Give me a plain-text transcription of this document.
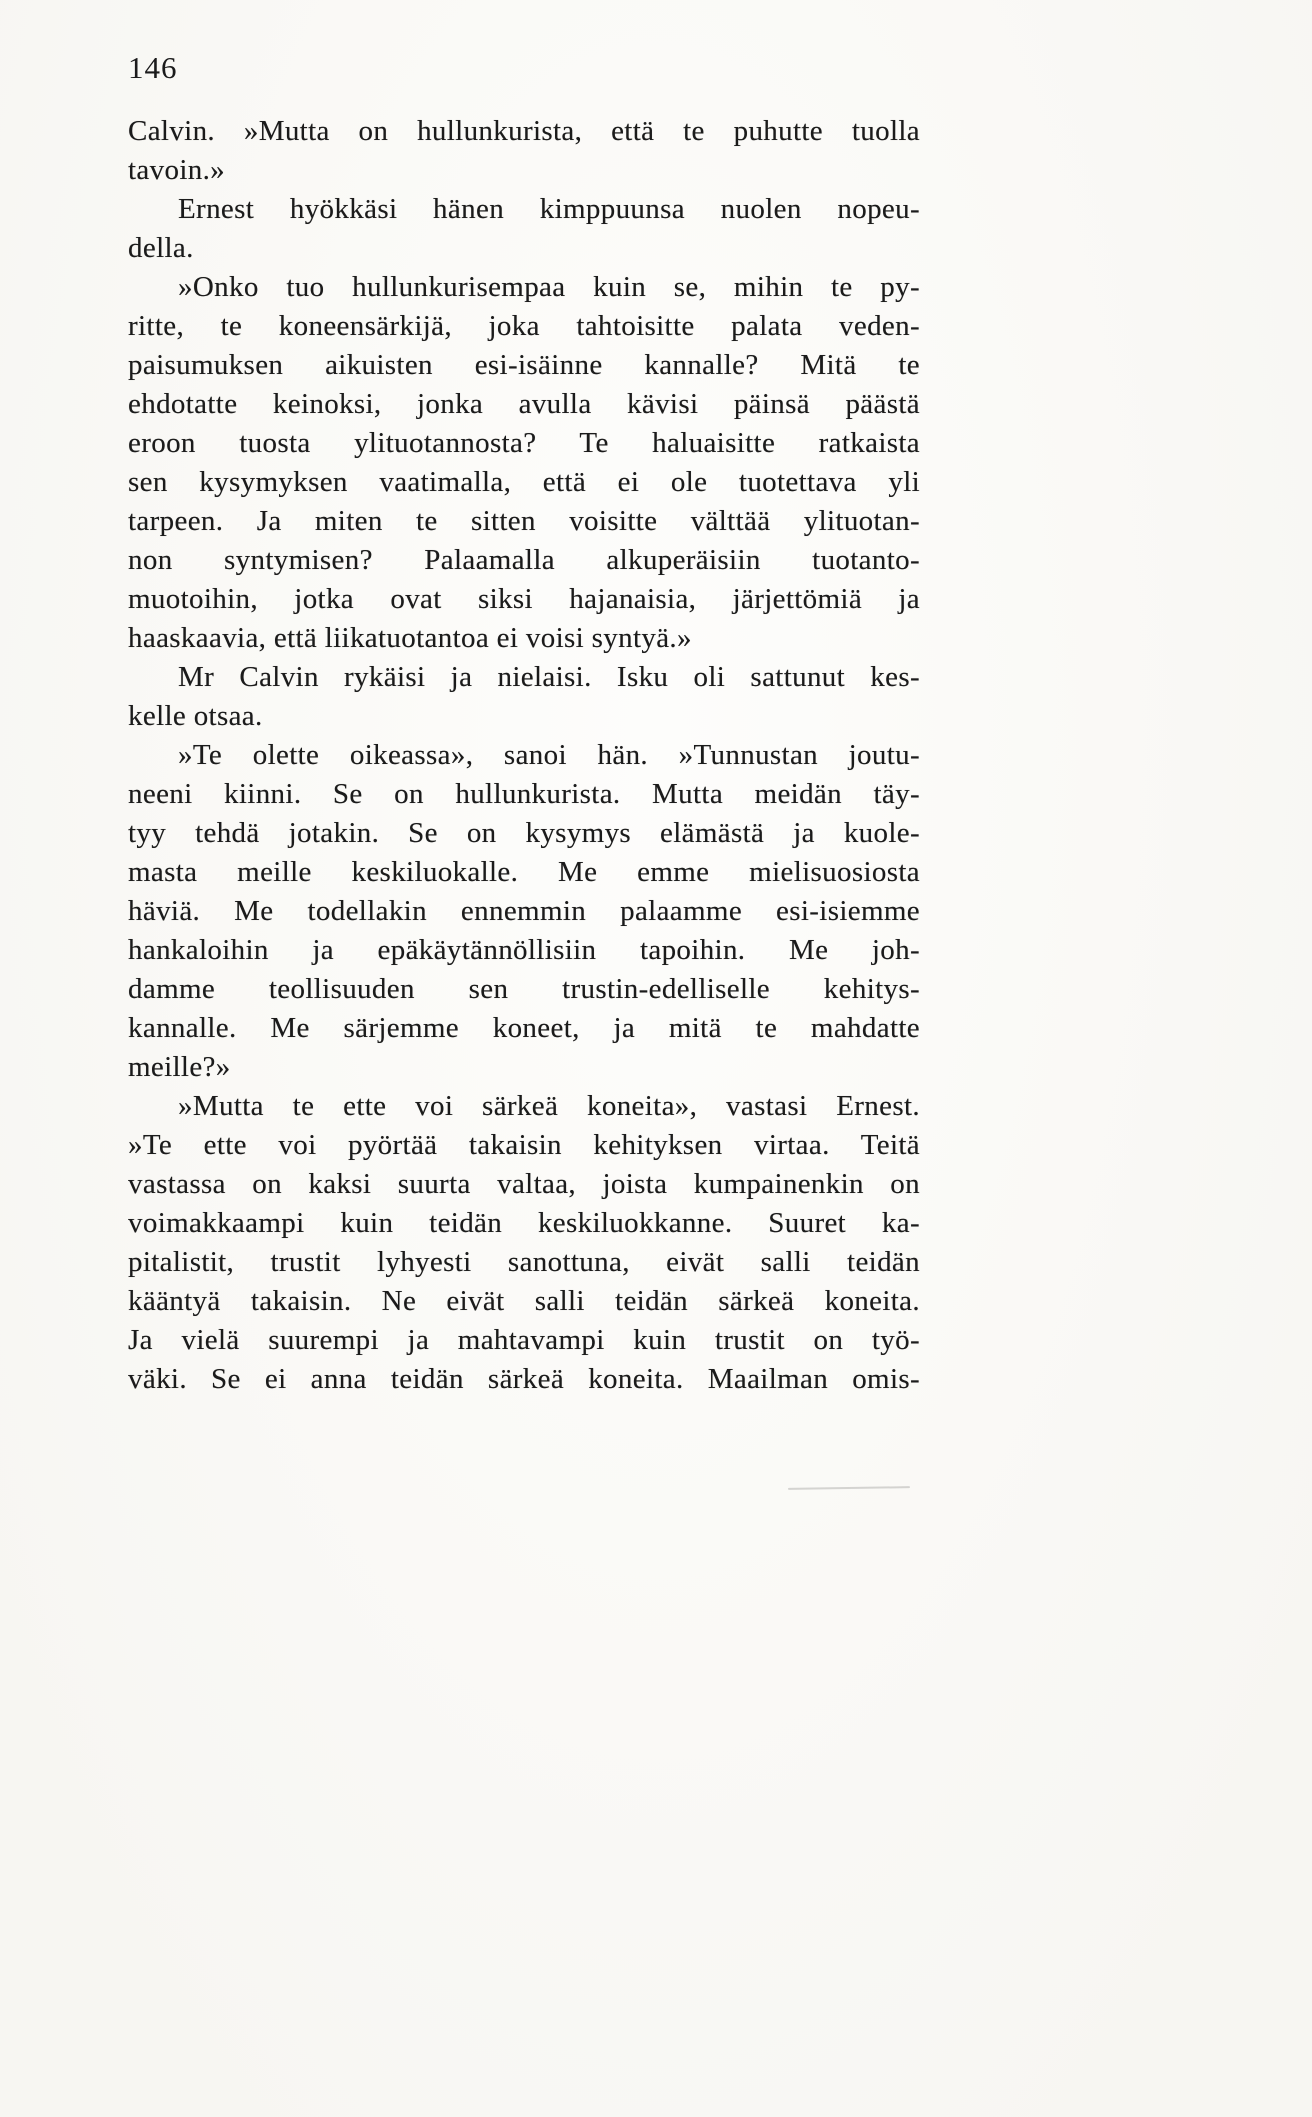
146
Calvin. »Mutta on hullunkurista, että te puhutte tuolla
tavoin.»
Ernest hyökkäsi hänen kimppuunsa nuolen nopeu-
della.
»Onko tuo hullunkurisempaa kuin se, mihin te py-
ritte, te koneensärkijä, joka tahtoisitte palata veden-
paisumuksen aikuisten esi-isäinne kannalle? Mitä te
ehdotatte keinoksi, jonka avulla kävisi päinsä päästä
eroon tuosta ylituotannosta? Te haluaisitte ratkaista
sen kysymyksen vaatimalla, että ei ole tuotettava yli
tarpeen. Ja miten te sitten voisitte välttää ylituotan-
non syntymisen? Palaamalla alkuperäisiin tuotanto-
muotoihin, jotka ovat siksi hajanaisia, järjettömiä ja
haaskaavia, että liikatuotantoa ei voisi syntyä.»
Mr Calvin rykäisi ja nielaisi. Isku oli sattunut kes-
kelle otsaa.
»Te olette oikeassa», sanoi hän. »Tunnustan joutu-
neeni kiinni. Se on hullunkurista. Mutta meidän täy-
tyy tehdä jotakin. Se on kysymys elämästä ja kuole-
masta meille keskiluokalle. Me emme mielisuosiosta
häviä. Me todellakin ennemmin palaamme esi-isiemme
hankaloihin ja epäkäytännöllisiin tapoihin. Me joh-
damme teollisuuden sen trustin-edelliselle kehitys-
kannalle. Me särjemme koneet, ja mitä te mahdatte
meille?»
»Mutta te ette voi särkeä koneita», vastasi Ernest.
»Te ette voi pyörtää takaisin kehityksen virtaa. Teitä
vastassa on kaksi suurta valtaa, joista kumpainenkin on
voimakkaampi kuin teidän keskiluokkanne. Suuret ka-
pitalistit, trustit lyhyesti sanottuna, eivät salli teidän
kääntyä takaisin. Ne eivät salli teidän särkeä koneita.
Ja vielä suurempi ja mahtavampi kuin trustit on työ-
väki. Se ei anna teidän särkeä koneita. Maailman omis-
